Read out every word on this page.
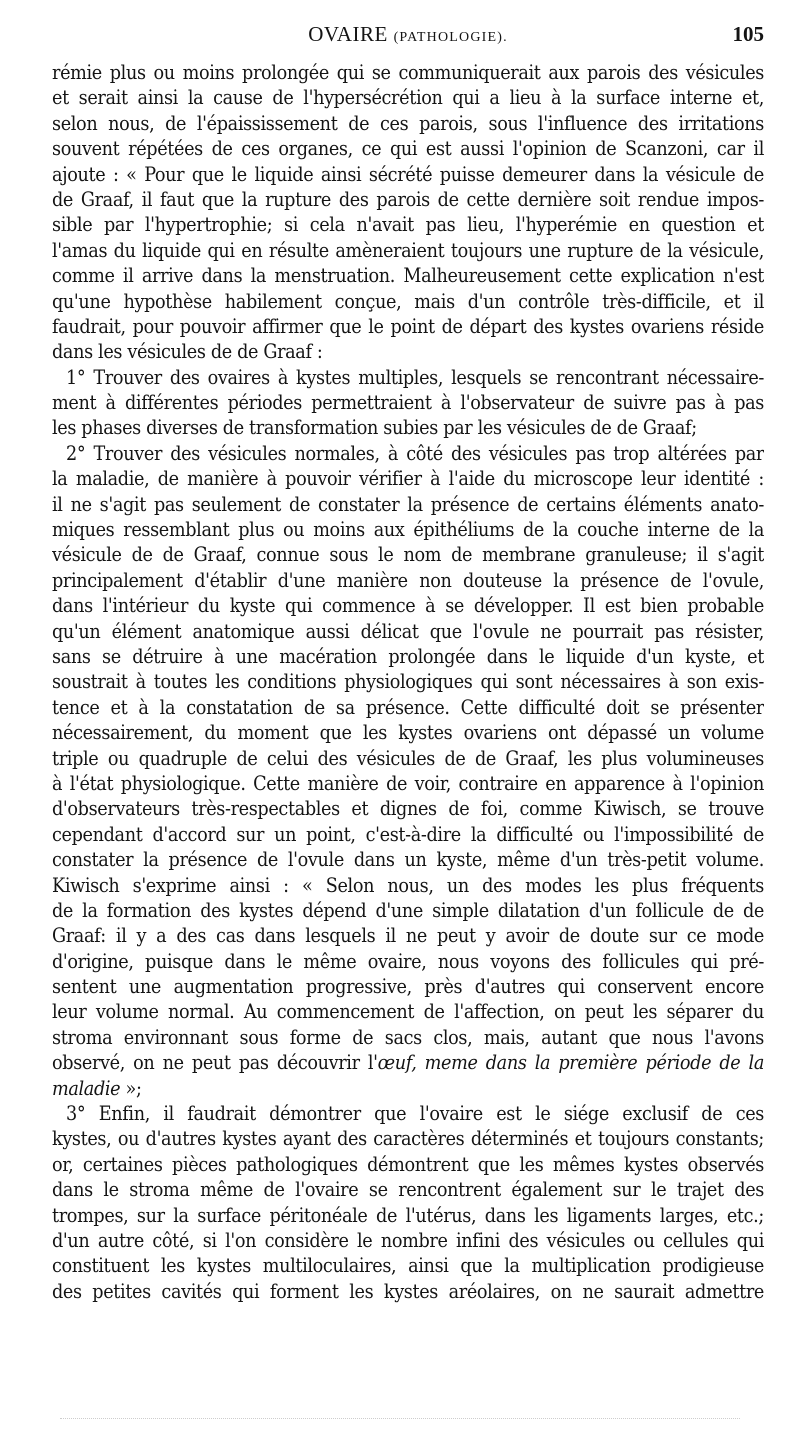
OVAIRE (PATHOLOGIE).	105
rémie plus ou moins prolongée qui se communiquerait aux parois des vésicules
et serait ainsi la cause de l'hypersécrétion qui a lieu à la surface interne et,
selon nous, de l'épaississement de ces parois, sous l'influence des irritations
souvent répétées de ces organes, ce qui est aussi l'opinion de Scanzoni, car il
ajoute : « Pour que le liquide ainsi sécrété puisse demeurer dans la vésicule de
de Graaf, il faut que la rupture des parois de cette dernière soit rendue impos-
sible par l'hypertrophie; si cela n'avait pas lieu, l'hyperémie en question et
l'amas du liquide qui en résulte amèneraient toujours une rupture de la vésicule,
comme il arrive dans la menstruation. Malheureusement cette explication n'est
qu'une hypothèse habilement conçue, mais d'un contrôle très-difficile, et il
faudrait, pour pouvoir affirmer que le point de départ des kystes ovariens réside
dans les vésicules de de Graaf :
1° Trouver des ovaires à kystes multiples, lesquels se rencontrant nécessaire-
ment à différentes périodes permettraient à l'observateur de suivre pas à pas
les phases diverses de transformation subies par les vésicules de de Graaf;
2° Trouver des vésicules normales, à côté des vésicules pas trop altérées par
la maladie, de manière à pouvoir vérifier à l'aide du microscope leur identité :
il ne s'agit pas seulement de constater la présence de certains éléments anato-
miques ressemblant plus ou moins aux épithéliums de la couche interne de la
vésicule de de Graaf, connue sous le nom de membrane granuleuse; il s'agit
principalement d'établir d'une manière non douteuse la présence de l'ovule,
dans l'intérieur du kyste qui commence à se développer. Il est bien probable
qu'un élément anatomique aussi délicat que l'ovule ne pourrait pas résister,
sans se détruire à une macération prolongée dans le liquide d'un kyste, et
soustrait à toutes les conditions physiologiques qui sont nécessaires à son exis-
tence et à la constatation de sa présence. Cette difficulté doit se présenter
nécessairement, du moment que les kystes ovariens ont dépassé un volume
triple ou quadruple de celui des vésicules de de Graaf, les plus volumineuses
à l'état physiologique. Cette manière de voir, contraire en apparence à l'opinion
d'observateurs très-respectables et dignes de foi, comme Kiwisch, se trouve
cependant d'accord sur un point, c'est-à-dire la difficulté ou l'impossibilité de
constater la présence de l'ovule dans un kyste, même d'un très-petit volume.
Kiwisch s'exprime ainsi : « Selon nous, un des modes les plus fréquents
de la formation des kystes dépend d'une simple dilatation d'un follicule de de
Graaf: il y a des cas dans lesquels il ne peut y avoir de doute sur ce mode
d'origine, puisque dans le même ovaire, nous voyons des follicules qui pré-
sentent une augmentation progressive, près d'autres qui conservent encore
leur volume normal. Au commencement de l'affection, on peut les séparer du
stroma environnant sous forme de sacs clos, mais, autant que nous l'avons
observé, on ne peut pas découvrir l'œuf, meme dans la première période de la
maladie »;
3° Enfin, il faudrait démontrer que l'ovaire est le siége exclusif de ces
kystes, ou d'autres kystes ayant des caractères déterminés et toujours constants;
or, certaines pièces pathologiques démontrent que les mêmes kystes observés
dans le stroma même de l'ovaire se rencontrent également sur le trajet des
trompes, sur la surface péritonéale de l'utérus, dans les ligaments larges, etc.;
d'un autre côté, si l'on considère le nombre infini des vésicules ou cellules qui
constituent les kystes multiloculaires, ainsi que la multiplication prodigieuse
des petites cavités qui forment les kystes aréolaires, on ne saurait admettre
